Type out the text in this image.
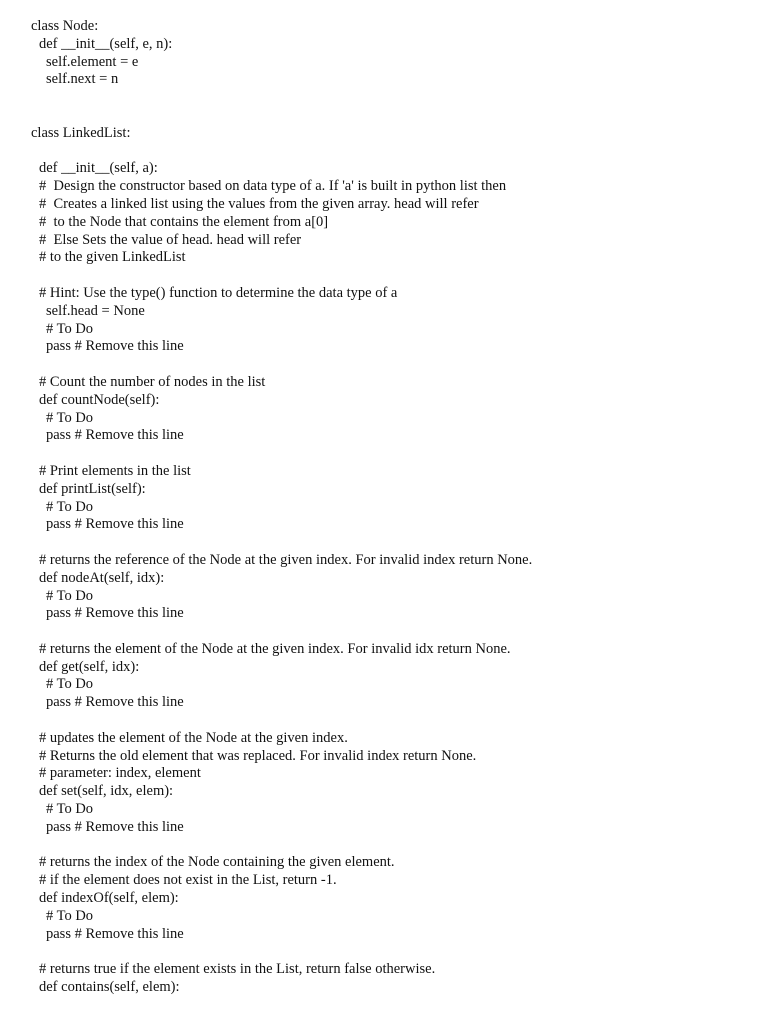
class Node:
def __init__(self, e, n):
self.element = e
self.next = n
class LinkedList:
def __init__(self, a):
#  Design the constructor based on data type of a. If 'a' is built in python list then
#  Creates a linked list using the values from the given array. head will refer
#  to the Node that contains the element from a[0]
#  Else Sets the value of head. head will refer
# to the given LinkedList
# Hint: Use the type() function to determine the data type of a
self.head = None
# To Do
pass # Remove this line
# Count the number of nodes in the list
def countNode(self):
# To Do
pass # Remove this line
# Print elements in the list
def printList(self):
# To Do
pass # Remove this line
# returns the reference of the Node at the given index. For invalid index return None.
def nodeAt(self, idx):
# To Do
pass # Remove this line
# returns the element of the Node at the given index. For invalid idx return None.
def get(self, idx):
# To Do
pass # Remove this line
# updates the element of the Node at the given index.
# Returns the old element that was replaced. For invalid index return None.
# parameter: index, element
def set(self, idx, elem):
# To Do
pass # Remove this line
# returns the index of the Node containing the given element.
# if the element does not exist in the List, return -1.
def indexOf(self, elem):
# To Do
pass # Remove this line
# returns true if the element exists in the List, return false otherwise.
def contains(self, elem):
